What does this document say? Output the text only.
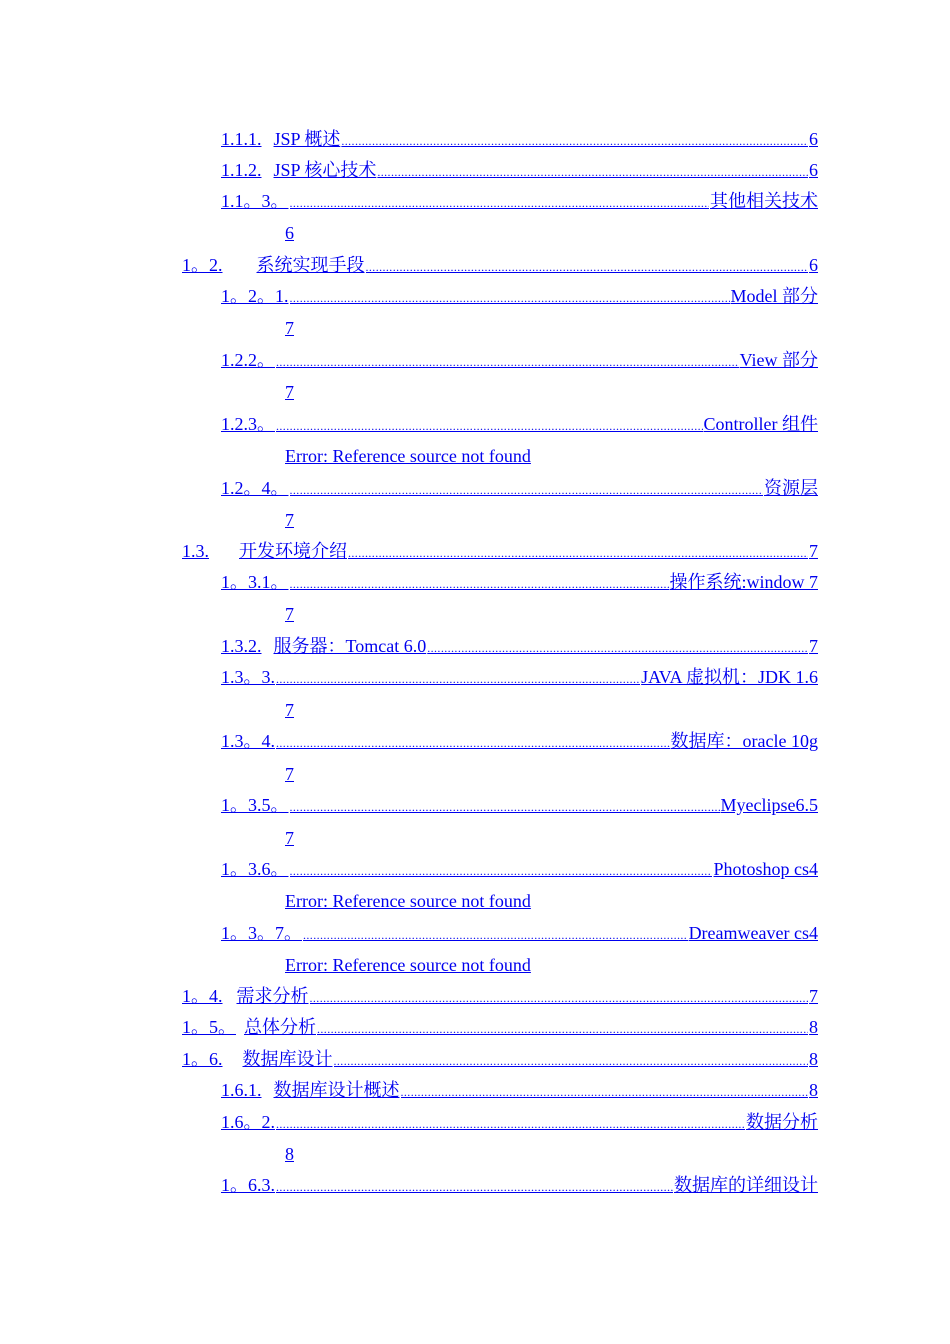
1.1.1. JSP 概述 .....	6
1.1.2. JSP 核心技术 .....	6
1.1。3。 .....	其他相关技术
6
1。2. 系统实现手段 .....	6
1。2。1. .....	Model 部分
7
1.2.2。 .....	View 部分
7
1.2.3。 .....	Controller 组件
Error: Reference source not found
1.2。4。 .....	资源层
7
1.3. 开发环境介绍 .....	7
1。3.1。 .....	操作系统:window 7
7
1.3.2. 服务器：Tomcat 6.0 .....	7
1.3。3. .....	JAVA 虚拟机：JDK 1.6
7
1.3。4. .....	数据库：oracle 10g
7
1。3.5。 .....	Myeclipse6.5
7
1。3.6。 .....	Photoshop cs4
Error: Reference source not found
1。3。7。 .....	Dreamweaver cs4
Error: Reference source not found
1。4. 需求分析 .....	7
1。5。 总体分析 .....	8
1。6. 数据库设计 .....	8
1.6.1. 数据库设计概述 .....	8
1.6。2. .....	数据分析
8
1。6.3. .....	数据库的详细设计
